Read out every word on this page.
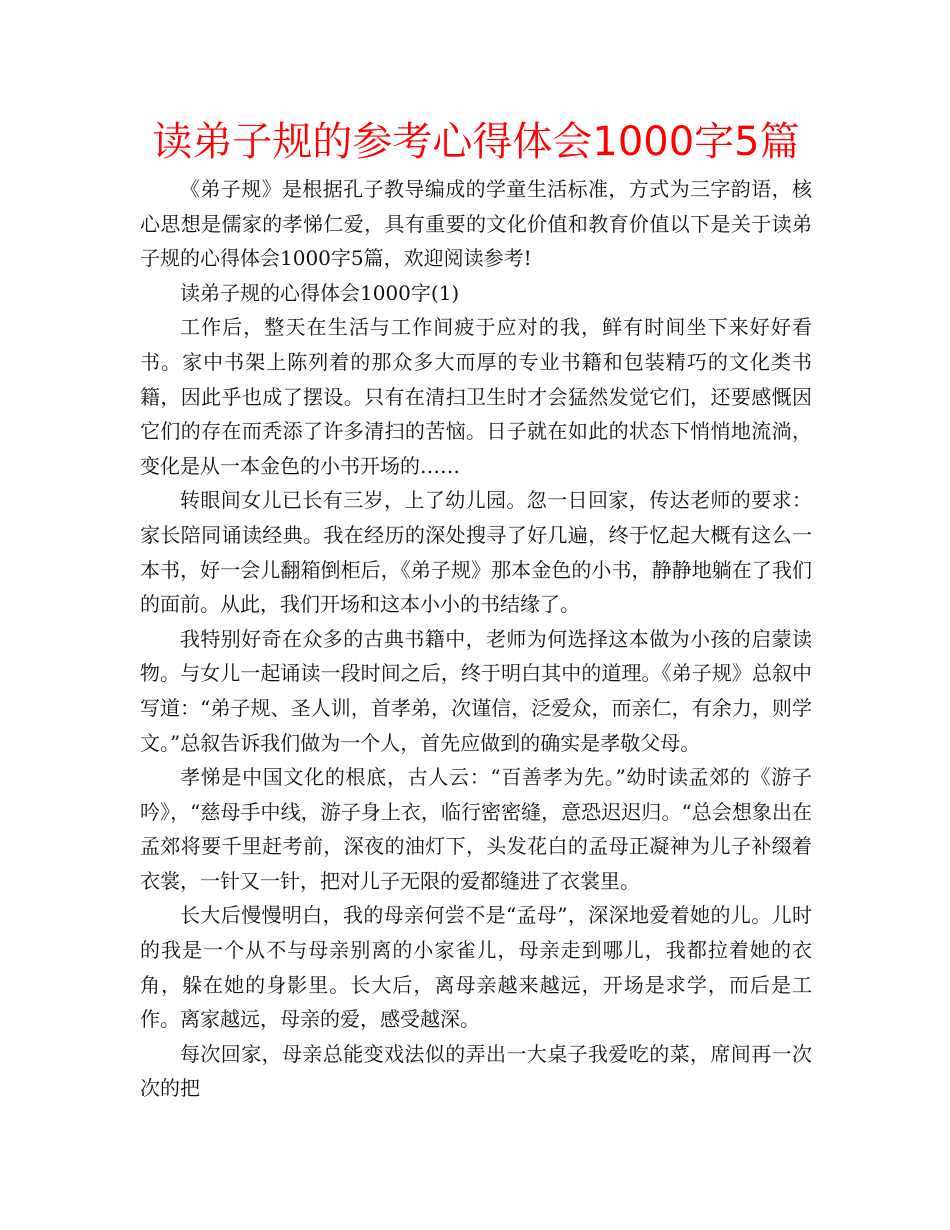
读弟子规的参考心得体会1000字5篇

《弟子规》是根据孔子教导编成的学童生活标准，方式为三字韵语，核心思想是儒家的孝悌仁爱，具有重要的文化价值和教育价值以下是关于读弟子规的心得体会1000字5篇，欢迎阅读参考!

读弟子规的心得体会1000字(1)

工作后，整天在生活与工作间疲于应对的我，鲜有时间坐下来好好看书。家中书架上陈列着的那众多大而厚的专业书籍和包装精巧的文化类书籍，因此乎也成了摆设。只有在清扫卫生时才会猛然发觉它们，还要感慨因它们的存在而秃添了许多清扫的苦恼。日子就在如此的状态下悄悄地流淌，变化是从一本金色的小书开场的……

转眼间女儿已长有三岁，上了幼儿园。忽一日回家，传达老师的要求：家长陪同诵读经典。我在经历的深处搜寻了好几遍，终于忆起大概有这么一本书，好一会儿翻箱倒柜后，《弟子规》那本金色的小书，静静地躺在了我们的面前。从此，我们开场和这本小小的书结缘了。

我特别好奇在众多的古典书籍中，老师为何选择这本做为小孩的启蒙读物。与女儿一起诵读一段时间之后，终于明白其中的道理。《弟子规》总叙中写道：“弟子规、圣人训，首孝弟，次谨信，泛爱众，而亲仁，有余力，则学文。”总叙告诉我们做为一个人，首先应做到的确实是孝敬父母。

孝悌是中国文化的根底，古人云：“百善孝为先。”幼时读孟郊的《游子吟》，“慈母手中线，游子身上衣，临行密密缝，意恐迟迟归。“总会想象出在孟郊将要千里赶考前，深夜的油灯下，头发花白的孟母正凝神为儿子补缀着衣裳，一针又一针，把对儿子无限的爱都缝进了衣裳里。

长大后慢慢明白，我的母亲何尝不是“孟母”，深深地爱着她的儿。儿时的我是一个从不与母亲别离的小家雀儿，母亲走到哪儿，我都拉着她的衣角，躲在她的身影里。长大后，离母亲越来越远，开场是求学，而后是工作。离家越远，母亲的爱，感受越深。

每次回家，母亲总能变戏法似的弄出一大桌子我爱吃的菜，席间再一次次的把
